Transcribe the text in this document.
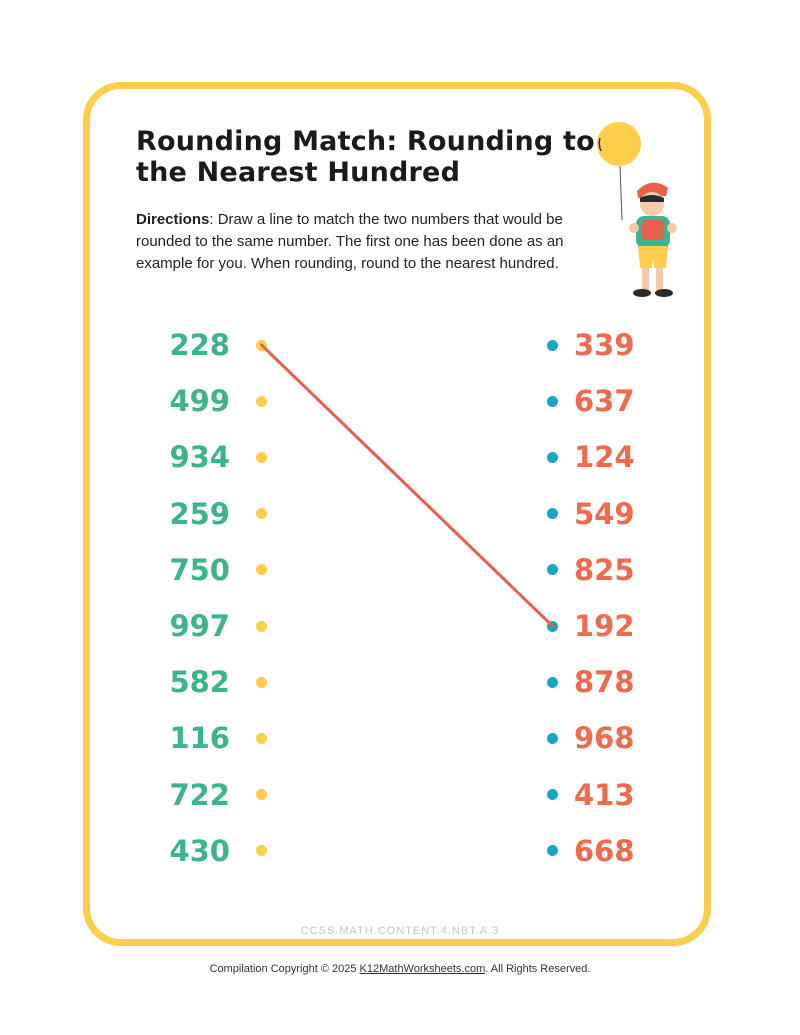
Rounding Match: Rounding to the Nearest Hundred
Directions: Draw a line to match the two numbers that would be rounded to the same number. The first one has been done as an example for you. When rounding, round to the nearest hundred.
228
499
934
259
750
997
582
116
722
430
339
637
124
549
825
192
878
968
413
668
CCSS.MATH.CONTENT.4.NBT.A.3
Compilation Copyright © 2025 K12MathWorksheets.com. All Rights Reserved.
